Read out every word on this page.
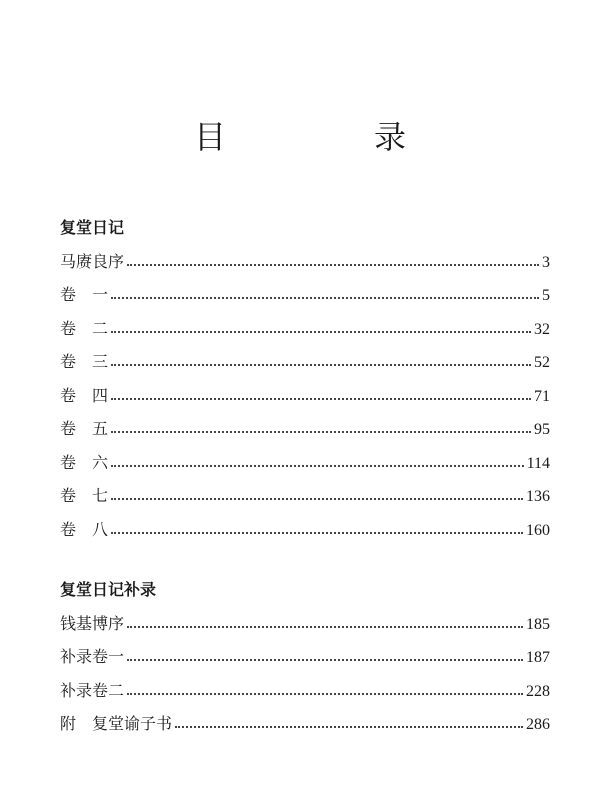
目　录
复堂日记
马赓良序	3
卷　一	5
卷　二	32
卷　三	52
卷　四	71
卷　五	95
卷　六	114
卷　七	136
卷　八	160
复堂日记补录
钱基博序	185
补录卷一	187
补录卷二	228
附　复堂谕子书	286
